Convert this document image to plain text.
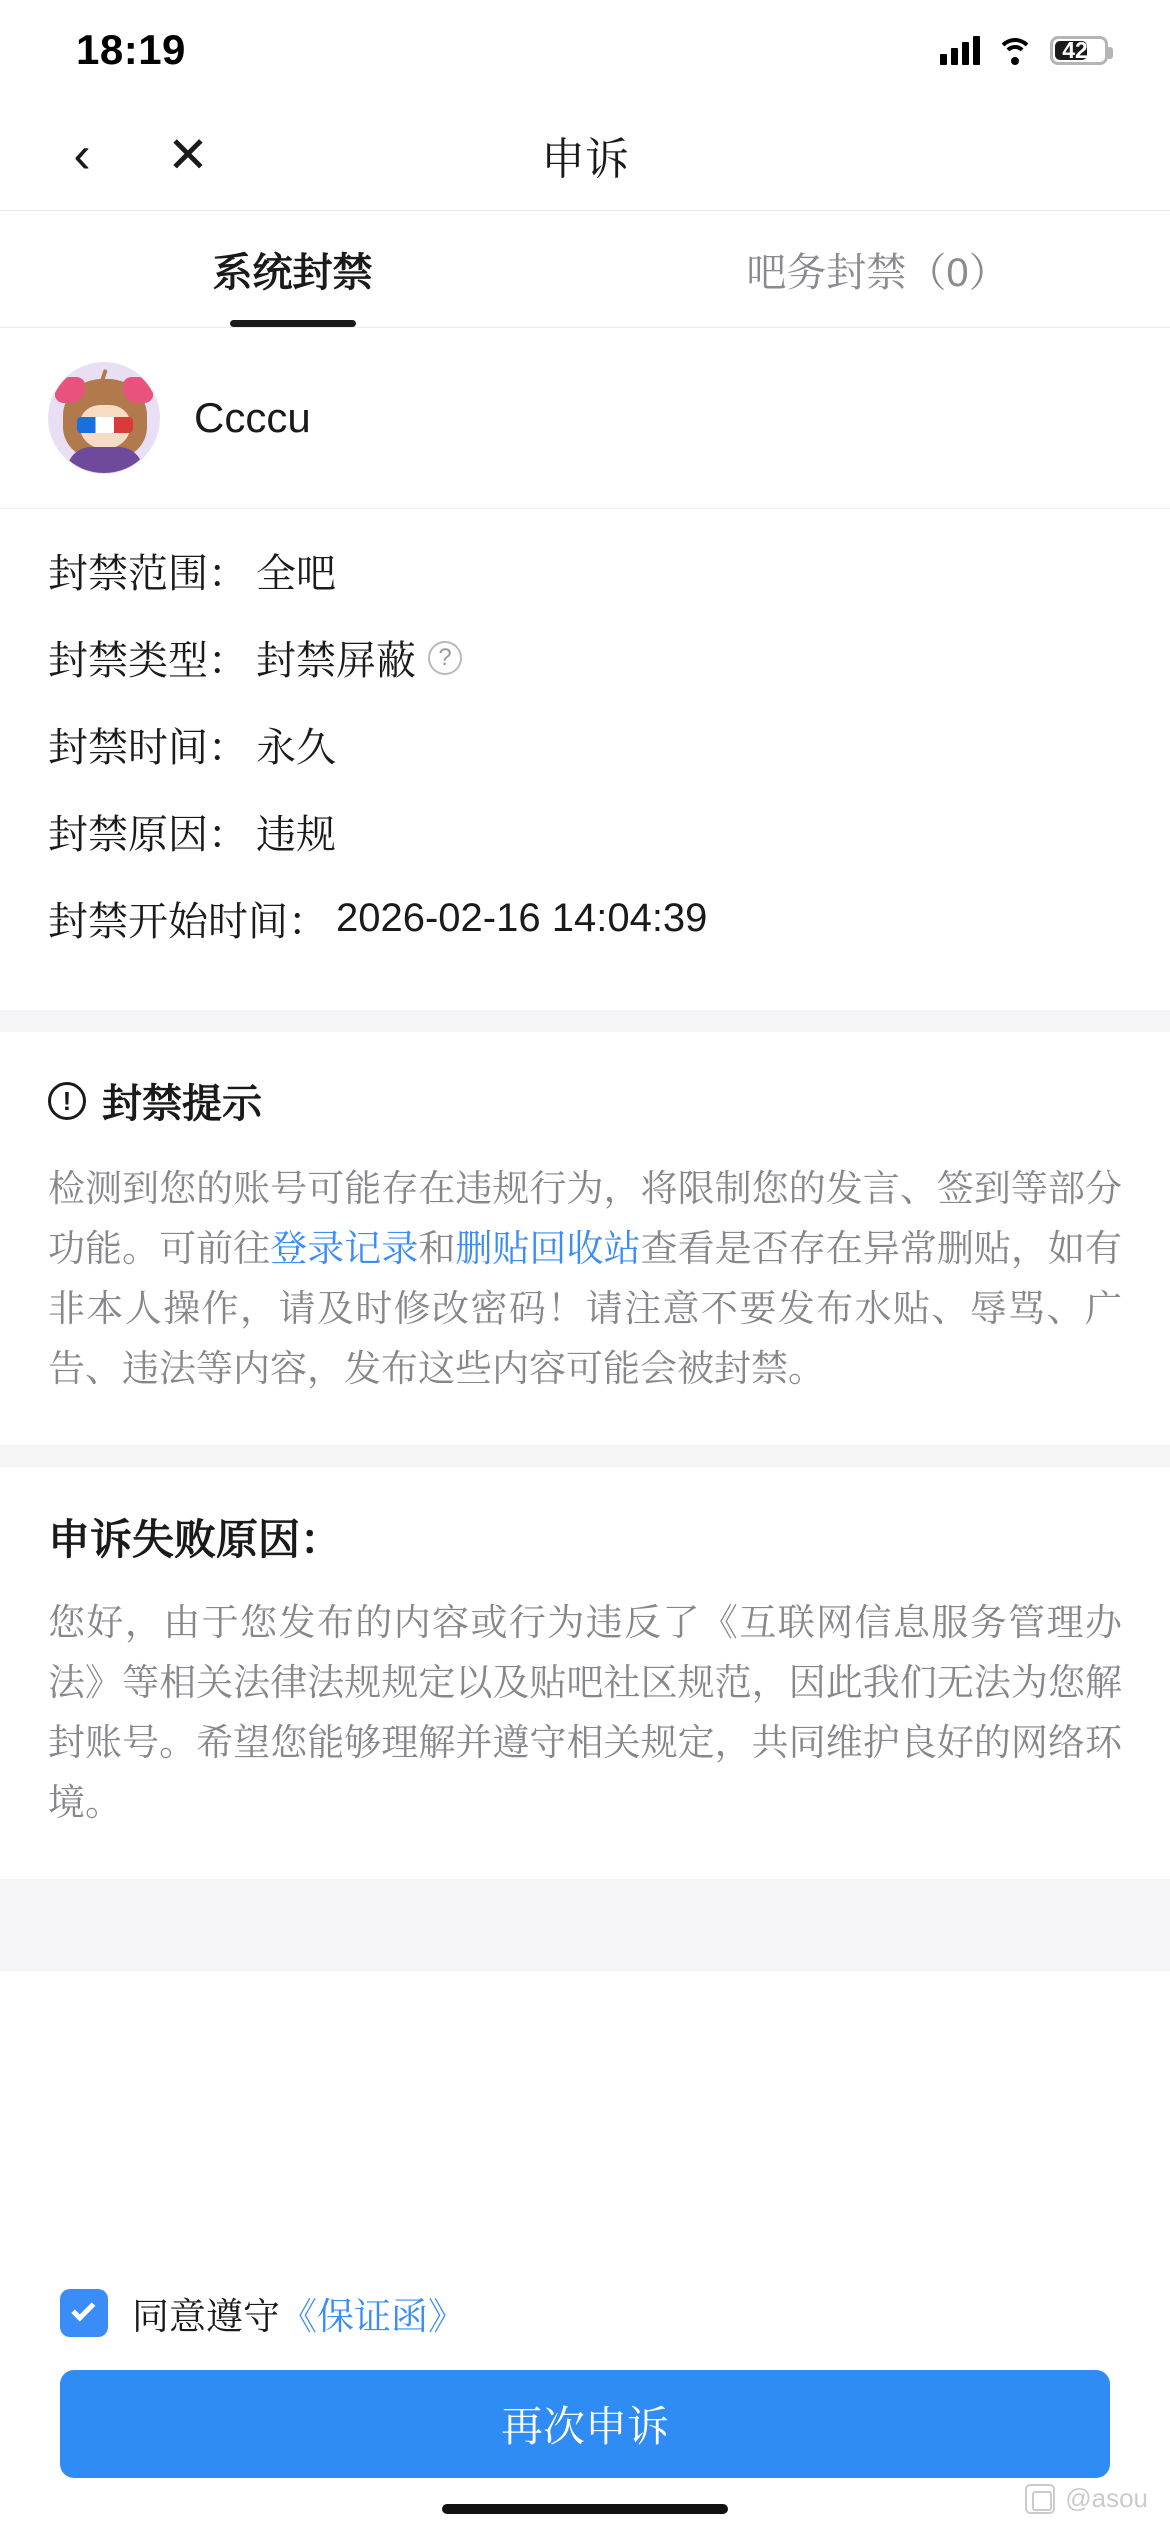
18:19	42
‹	✕	申诉
系统封禁	吧务封禁（0）
Ccccu
封禁范围： 全吧
封禁类型： 封禁屏蔽 ?
封禁时间： 永久
封禁原因： 违规
封禁开始时间： 2026-02-16 14:04:39
! 封禁提示
检测到您的账号可能存在违规行为，将限制您的发言、签到等部分功能。可前往登录记录和删贴回收站查看是否存在异常删贴，如有非本人操作，请及时修改密码！请注意不要发布水贴、辱骂、广告、违法等内容，发布这些内容可能会被封禁。
申诉失败原因：
您好，由于您发布的内容或行为违反了《互联网信息服务管理办法》等相关法律法规规定以及贴吧社区规范，因此我们无法为您解封账号。希望您能够理解并遵守相关规定，共同维护良好的网络环境。
同意遵守《保证函》
再次申诉
@asou
